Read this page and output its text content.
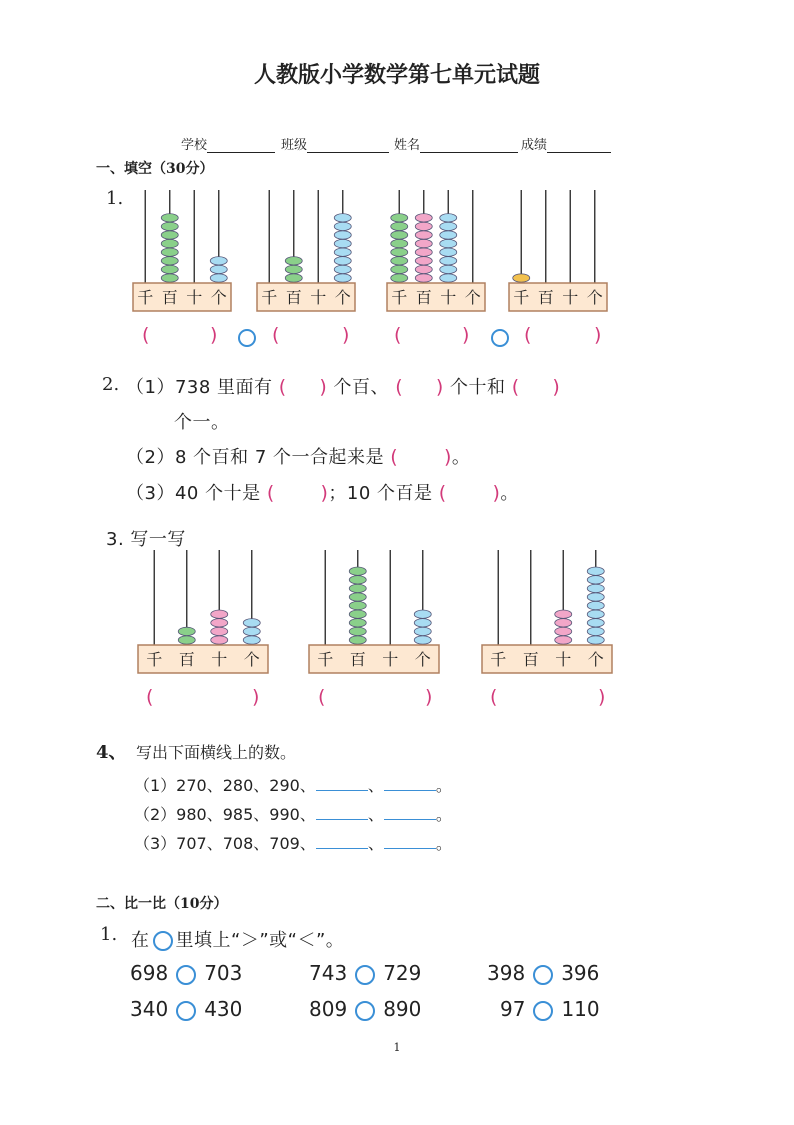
人教版小学数学第七单元试题
学校	班级	姓名	成绩
一、填空（30分）
1.
千 百 十 个 千 百 十 个	千 百 十 个 千 百 十 个
(	)	(	) (	)	(	)
2. （1）738 里面有 (     ) 个百、 (     ) 个十和 (     )
个一。
（2）8 个百和 7 个一合起来是 (       )。
（3）40 个十是 (       )；10 个百是 (       )。
3. 写一写
千 百 十 个	千 百 十 个	千 百 十 个
(	)	(	)	(	)
4、 写出下面横线上的数。
（1）270、280、290、	、	。
（2）980、985、990、	、	。
（3）707、708、709、	、	。
二、比一比（10分）
1. 在 里填上“＞”或“＜”。
698 703	743 729	398 396
340 430	809 890	97 110
1
